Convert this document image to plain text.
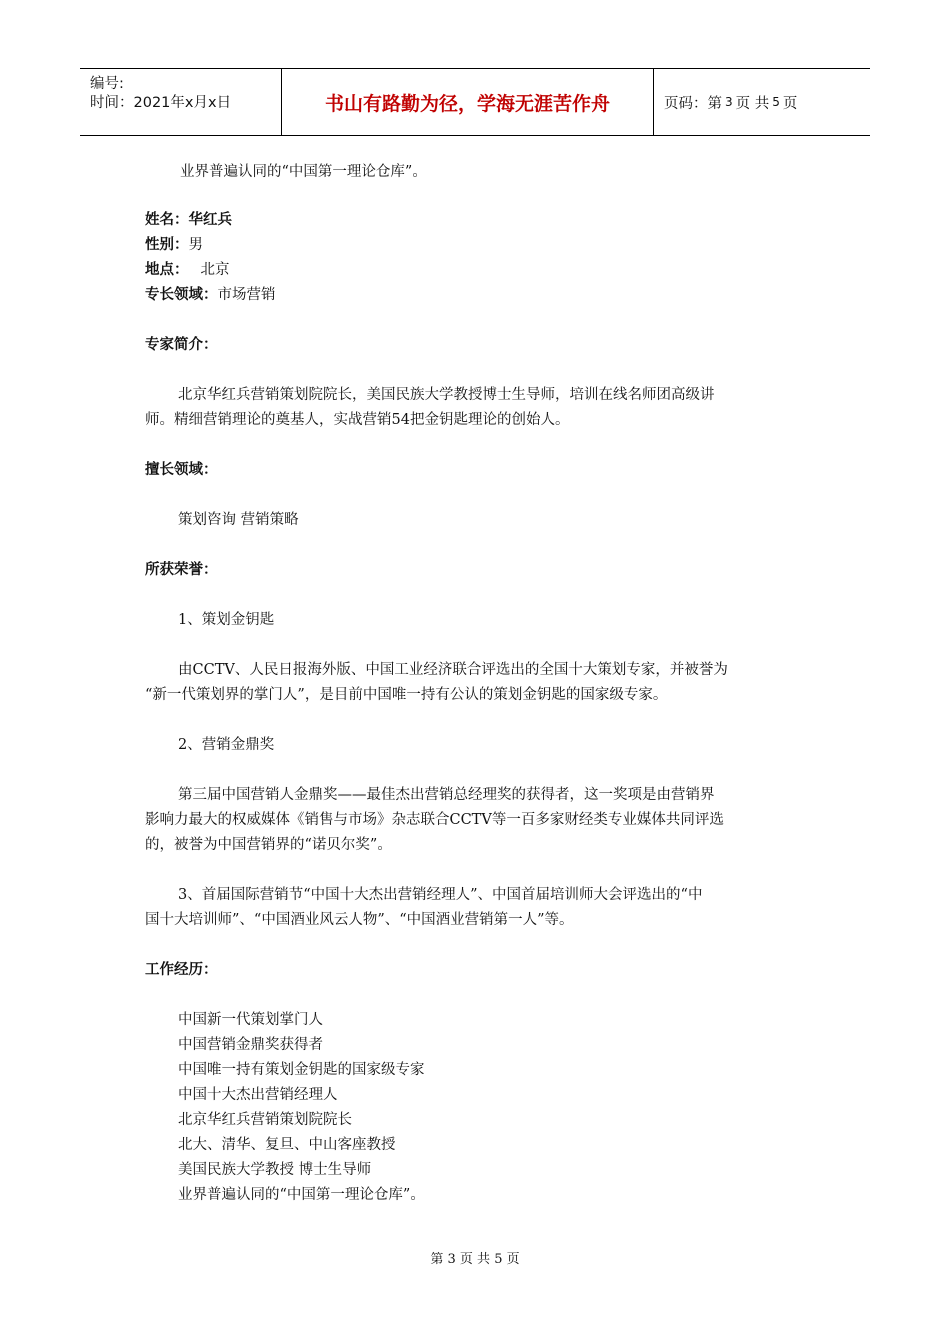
编号:
时间：2021年x月x日	书山有路勤为径，学海无涯苦作舟	页码：第 3 页 共 5 页
业界普遍认同的“中国第一理论仓库”。
姓名：华红兵
性别：男
地点： 北京
专长领域：市场营销
专家简介：
北京华红兵营销策划院院长，美国民族大学教授博士生导师，培训在线名师团高级讲
师。精细营销理论的奠基人，实战营销54把金钥匙理论的创始人。
擅长领域：
策划咨询 营销策略
所获荣誉：
1、策划金钥匙
由CCTV、人民日报海外版、中国工业经济联合评选出的全国十大策划专家，并被誉为
“新一代策划界的掌门人”，是目前中国唯一持有公认的策划金钥匙的国家级专家。
2、营销金鼎奖
第三届中国营销人金鼎奖——最佳杰出营销总经理奖的获得者，这一奖项是由营销界
影响力最大的权威媒体《销售与市场》杂志联合CCTV等一百多家财经类专业媒体共同评选
的，被誉为中国营销界的“诺贝尔奖”。
3、首届国际营销节“中国十大杰出营销经理人”、中国首届培训师大会评选出的“中
国十大培训师”、“中国酒业风云人物”、“中国酒业营销第一人”等。
工作经历：
中国新一代策划掌门人
中国营销金鼎奖获得者
中国唯一持有策划金钥匙的国家级专家
中国十大杰出营销经理人
北京华红兵营销策划院院长
北大、清华、复旦、中山客座教授
美国民族大学教授 博士生导师
业界普遍认同的“中国第一理论仓库”。
第 3 页 共 5 页
